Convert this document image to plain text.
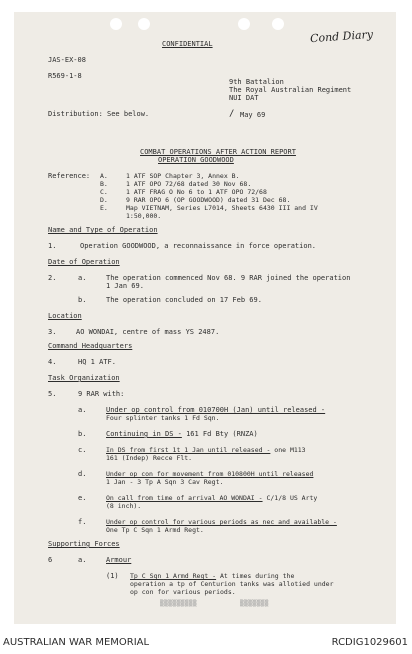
CONFIDENTIAL	Cond Diary
JAS-EX-08
R569-1-8
9th Battalion
The Royal Australian Regiment
NUI DAT
Distribution: See below.	/ May 69
COMBAT OPERATIONS AFTER ACTION REPORT
OPERATION GOODWOOD
Reference: A.	1 ATF SOP Chapter 3, Annex B.
B.	1 ATF OPO 72/68 dated 30 Nov 68.
C.	1 ATF FRAG O No 6 to 1 ATF OPO 72/68
D.	9 RAR OPO 6 (OP GOODWOOD) dated 31 Dec 68.
E.	Map VIETNAM, Series L7014, Sheets 6430 III and IV
1:50,000.
Name and Type of Operation
1.	Operation GOODWOOD, a reconnaissance in force operation.
Date of Operation
2.	a.	The operation commenced Nov 68. 9 RAR joined the operation
1 Jan 69.
b.	The operation concluded on 17 Feb 69.
Location
3.	AO WONDAI, centre of mass YS 2487.
Command Headquarters
4.	HQ 1 ATF.
Task Organization
5.	9 RAR with:
a.	Under op control from 010700H (Jan) until released -
Four splinter tanks 1 Fd Sqn.
b.	Continuing in DS - 161 Fd Bty (RNZA)
c.	In DS from first 1t 1 Jan until released - one M113
161 (Indep) Recce Flt.
d.	Under op con for movement from 010800H until released
1 Jan - 3 Tp A Sqn 3 Cav Regt.
e.	On call from time of arrival AO WONDAI - C/1/8 US Arty
(8 inch).
f.	Under op control for various periods as nec and available -
One Tp C Sqn 1 Armd Regt.
Supporting Forces
6	a.	Armour
(1) Tp C Sqn 1 Armd Regt - At times during the
operation a tp of Centurion tanks was allotied under
op con for various periods.
▒▒▒▒▒▒▒▒▒	▒▒▒▒▒▒▒
AUSTRALIAN WAR MEMORIAL	RCDIG1029601
